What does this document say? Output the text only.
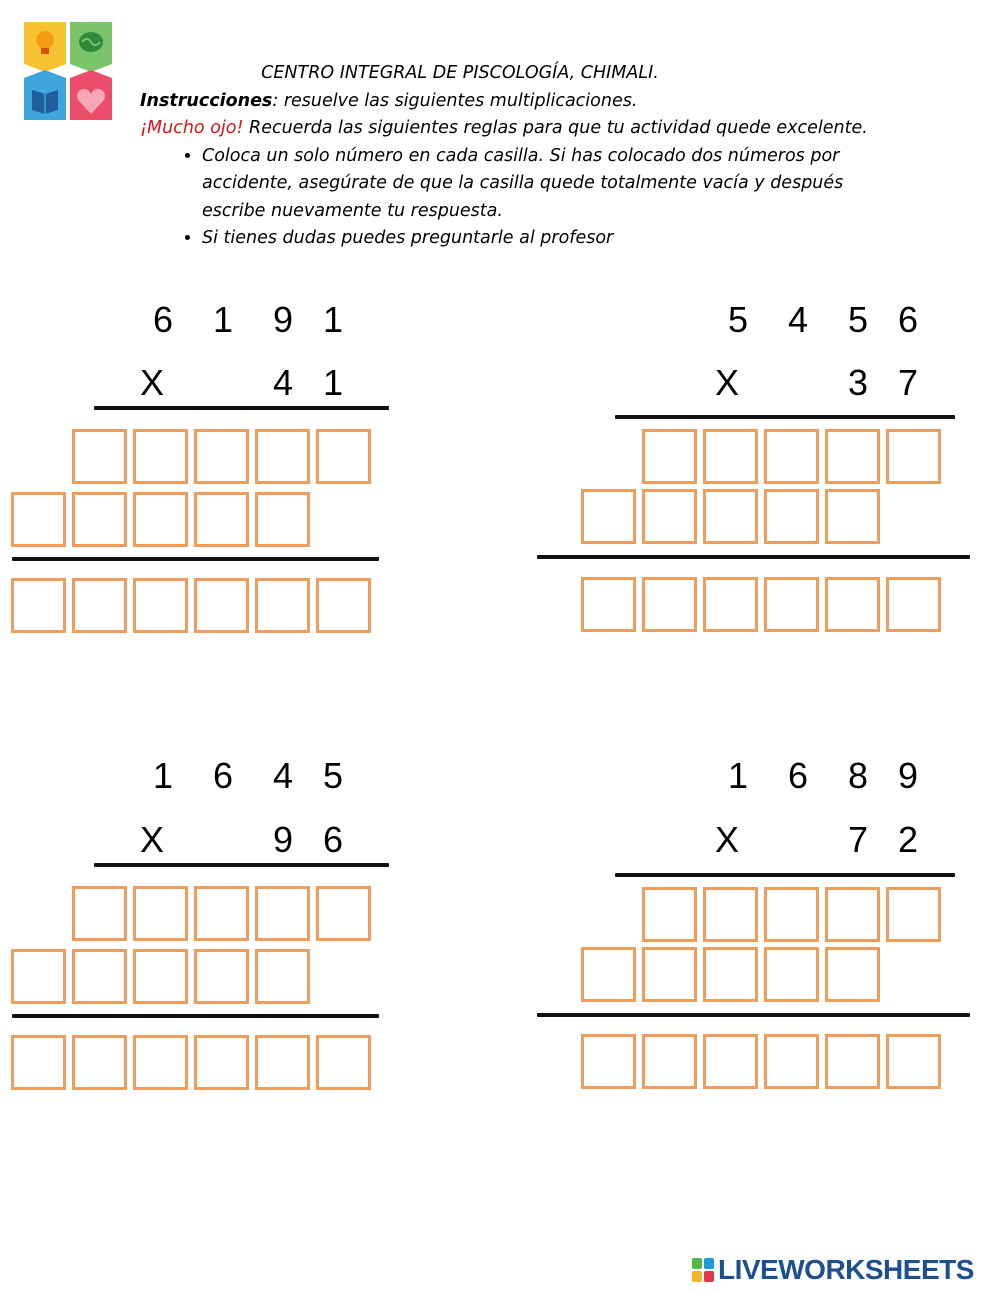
CENTRO INTEGRAL DE PISCOLOGÍA, CHIMALI.
Instrucciones: resuelve las siguientes multiplicaciones.
¡Mucho ojo! Recuerda las siguientes reglas para que tu actividad quede excelente.
• Coloca un solo número en cada casilla. Si has colocado dos números por accidente, asegúrate de que la casilla quede totalmente vacía y después escribe nuevamente tu respuesta.
• Si tienes dudas puedes preguntarle al profesor
6 1 9 1
X	4 1
5 4 5 6
X	3 7
1 6 4 5
X	9 6
1 6 8 9
X	7 2
LIVEWORKSHEETS
